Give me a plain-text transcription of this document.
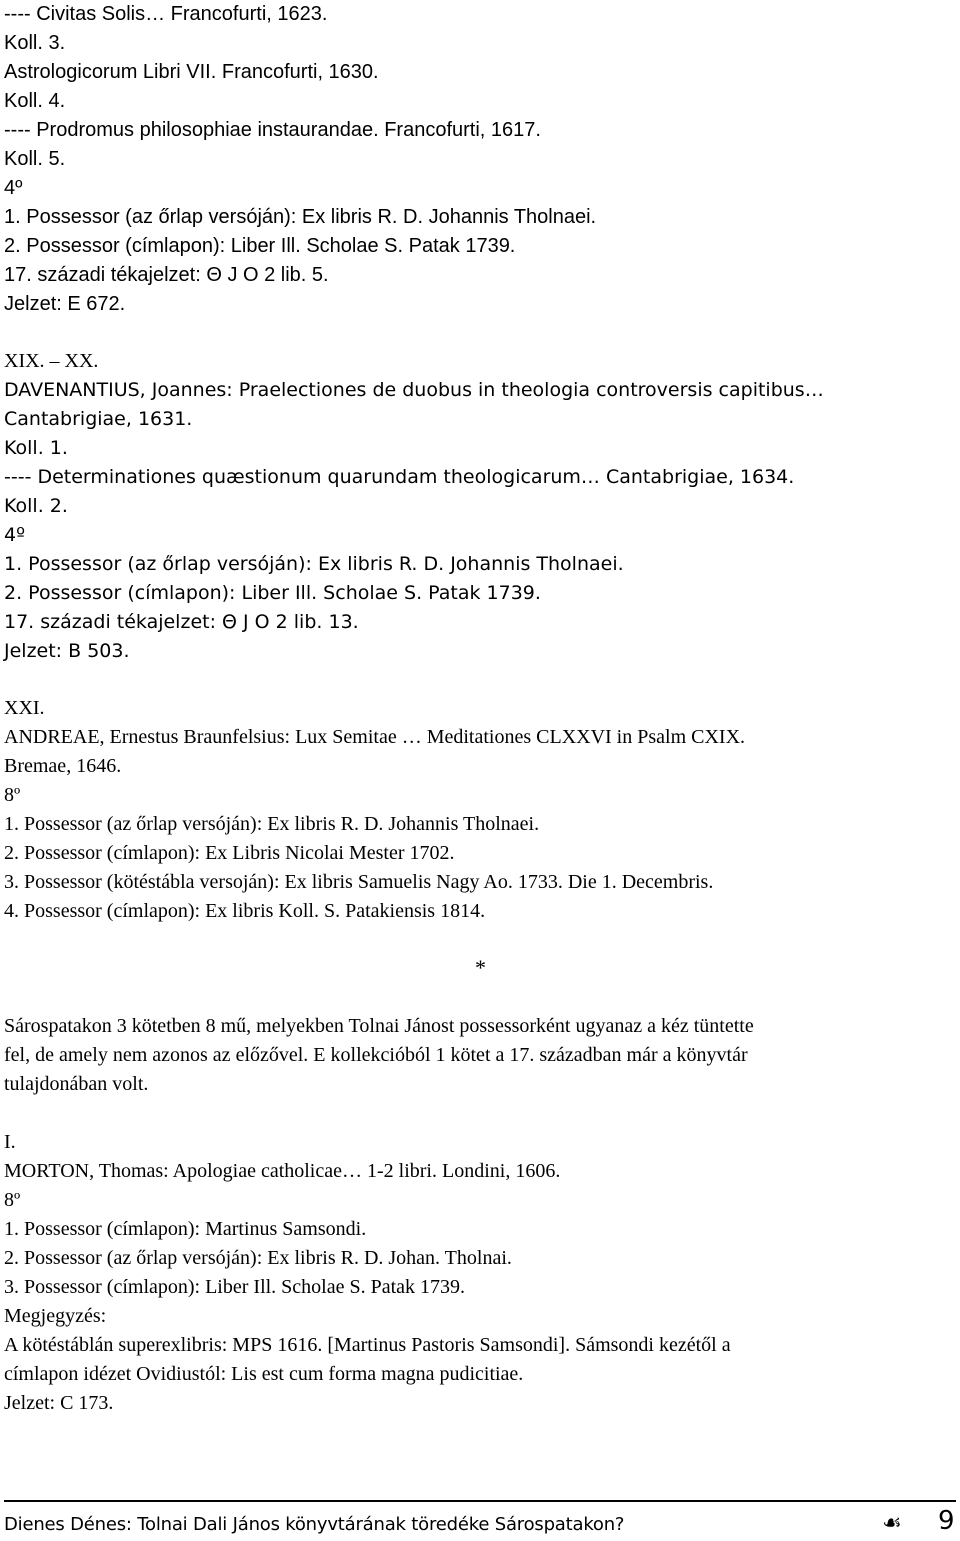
---- Civitas Solis… Francofurti, 1623.
Koll. 3.
Astrologicorum Libri VII. Francofurti, 1630.
Koll. 4.
---- Prodromus philosophiae instaurandae. Francofurti, 1617.
Koll. 5.
4º
1. Possessor (az őrlap versóján): Ex libris R. D. Johannis Tholnaei.
2. Possessor (címlapon): Liber Ill. Scholae S. Patak 1739.
17. századi tékajelzet: Θ J O 2 lib. 5.
Jelzet: E 672.
XIX. – XX.
DAVENANTIUS, Joannes: Praelectiones de duobus in theologia controversis capitibus…
Cantabrigiae, 1631.
Koll. 1.
---- Determinationes quæstionum quarundam theologicarum… Cantabrigiae, 1634.
Koll. 2.
4º
1. Possessor (az őrlap versóján): Ex libris R. D. Johannis Tholnaei.
2. Possessor (címlapon): Liber Ill. Scholae S. Patak 1739.
17. századi tékajelzet: Θ J O 2 lib. 13.
Jelzet: B 503.
XXI.
ANDREAE, Ernestus Braunfelsius: Lux Semitae … Meditationes CLXXVI in Psalm CXIX.
Bremae, 1646.
8º
1. Possessor (az őrlap versóján): Ex libris R. D. Johannis Tholnaei.
2. Possessor (címlapon): Ex Libris Nicolai Mester 1702.
3. Possessor (kötéstábla versoján): Ex libris Samuelis Nagy Ao. 1733. Die 1. Decembris.
4. Possessor (címlapon): Ex libris Koll. S. Patakiensis 1814.
Sárospatakon 3 kötetben 8 mű, melyekben Tolnai Jánost possessorként ugyanaz a kéz tüntette
fel, de amely nem azonos az előzővel. E kollekcióból 1 kötet a 17. században már a könyvtár
tulajdonában volt.
I.
MORTON, Thomas: Apologiae catholicae… 1-2 libri. Londini, 1606.
8º
1. Possessor (címlapon): Martinus Samsondi.
2. Possessor (az őrlap versóján): Ex libris R. D. Johan. Tholnai.
3. Possessor (címlapon): Liber Ill. Scholae S. Patak 1739.
Megjegyzés:
A kötéstáblán superexlibris: MPS 1616. [Martinus Pastoris Samsondi]. Sámsondi kezétől a
címlapon idézet Ovidiustól: Lis est cum forma magna pudicitiae.
Jelzet: C 173.
*
Dienes Dénes: Tolnai Dali János könyvtárának töredéke Sárospatakon?	☙ 9
